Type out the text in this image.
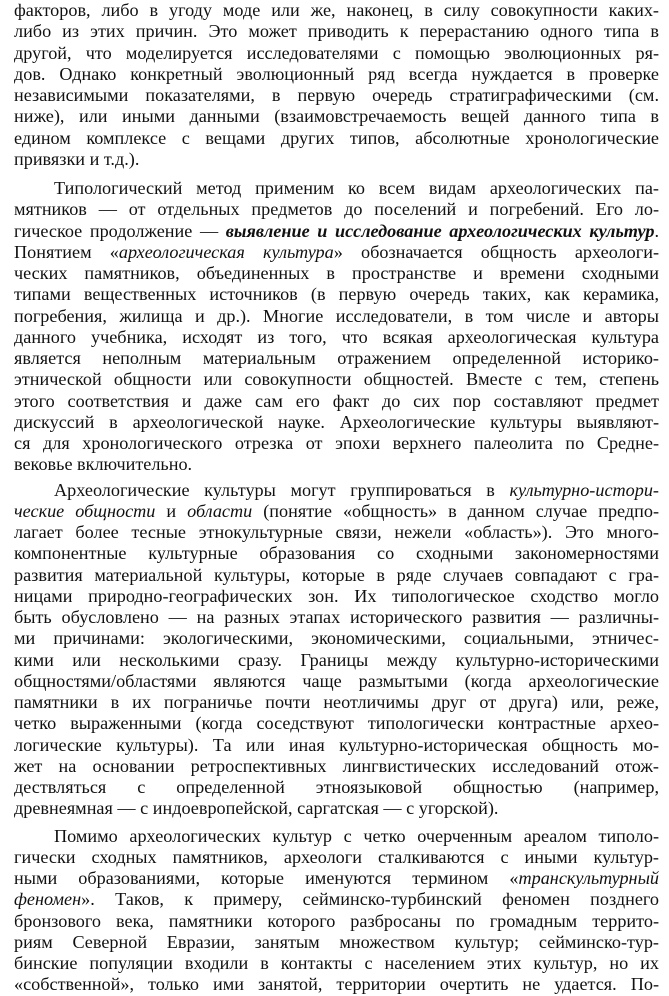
факторов, либо в угоду моде или же, наконец, в силу совокупности каких-
либо из этих причин. Это может приводить к перерастанию одного типа в
другой, что моделируется исследователями с помощью эволюционных ря-
дов. Однако конкретный эволюционный ряд всегда нуждается в проверке
независимыми показателями, в первую очередь стратиграфическими (см.
ниже), или иными данными (взаимовстречаемость вещей данного типа в
едином комплексе с вещами других типов, абсолютные хронологические
привязки и т.д.).
Типологический метод применим ко всем видам археологических па-
мятников — от отдельных предметов до поселений и погребений. Его ло-
гическое продолжение — выявление и исследование археологических культур.
Понятием «археологическая культура» обозначается общность археологи-
ческих памятников, объединенных в пространстве и времени сходными
типами вещественных источников (в первую очередь таких, как керамика,
погребения, жилища и др.). Многие исследователи, в том числе и авторы
данного учебника, исходят из того, что всякая археологическая культура
является неполным материальным отражением определенной историко-
этнической общности или совокупности общностей. Вместе с тем, степень
этого соответствия и даже сам его факт до сих пор составляют предмет
дискуссий в археологической науке. Археологические культуры выявляют-
ся для хронологического отрезка от эпохи верхнего палеолита по Средне-
вековье включительно.
Археологические культуры могут группироваться в культурно-истори-
ческие общности и области (понятие «общность» в данном случае предпо-
лагает более тесные этнокультурные связи, нежели «область»). Это много-
компонентные культурные образования со сходными закономерностями
развития материальной культуры, которые в ряде случаев совпадают с гра-
ницами природно-географических зон. Их типологическое сходство могло
быть обусловлено — на разных этапах исторического развития — различны-
ми причинами: экологическими, экономическими, социальными, этничес-
кими или несколькими сразу. Границы между культурно-историческими
общностями/областями являются чаще размытыми (когда археологические
памятники в их пограничье почти неотличимы друг от друга) или, реже,
четко выраженными (когда соседствуют типологически контрастные архео-
логические культуры). Та или иная культурно-историческая общность мо-
жет на основании ретроспективных лингвистических исследований отож-
дествляться с определенной этноязыковой общностью (например,
древнеямная — с индоевропейской, саргатская — с угорской).
Помимо археологических культур с четко очерченным ареалом типоло-
гически сходных памятников, археологи сталкиваются с иными культур-
ными образованиями, которые именуются термином «транскультурный
феномен». Таков, к примеру, сейминско-турбинский феномен позднего
бронзового века, памятники которого разбросаны по громадным террито-
риям Северной Евразии, занятым множеством культур; сейминско-тур-
бинские популяции входили в контакты с населением этих культур, но их
«собственной», только ими занятой, территории очертить не удается. По-
